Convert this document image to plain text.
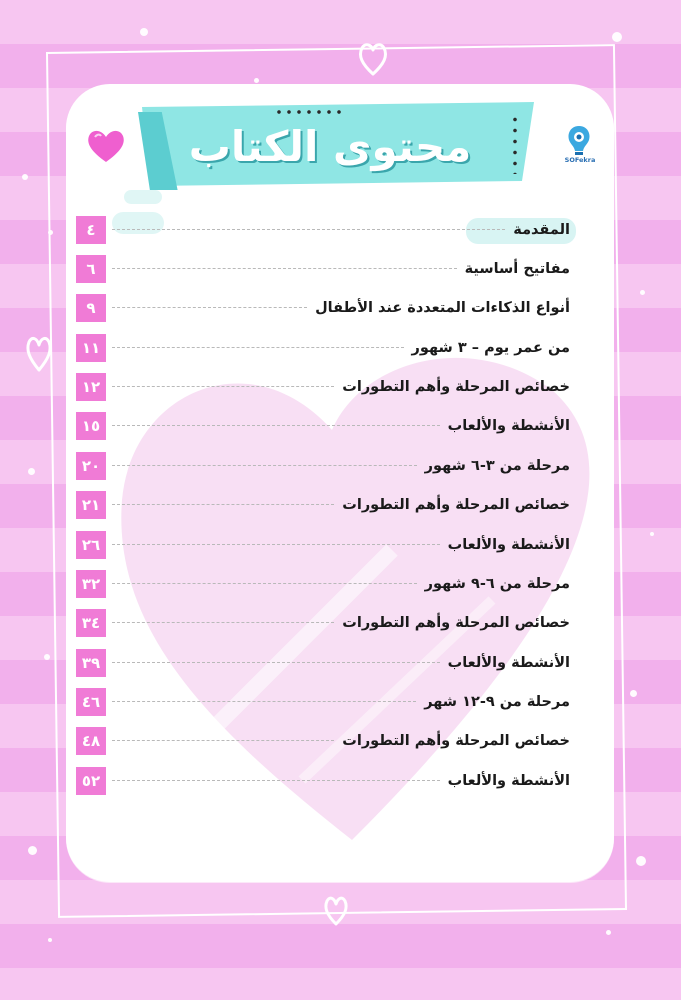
محتوى الكتاب	SOFekra
٤	المقدمة
٦	مفاتيح أساسية
٩	أنواع الذكاءات المتعددة عند الأطفال
١١	من عمر يوم – ٣ شهور
١٢	خصائص المرحلة وأهم التطورات
١٥	الأنشطة والألعاب
٢٠	مرحلة من ٣-٦ شهور
٢١	خصائص المرحلة وأهم التطورات
٢٦	الأنشطة والألعاب
٣٢	مرحلة من ٦-٩ شهور
٣٤	خصائص المرحلة وأهم التطورات
٣٩	الأنشطة والألعاب
٤٦	مرحلة من ٩-١٢ شهر
٤٨	خصائص المرحلة وأهم التطورات
٥٢	الأنشطة والألعاب
